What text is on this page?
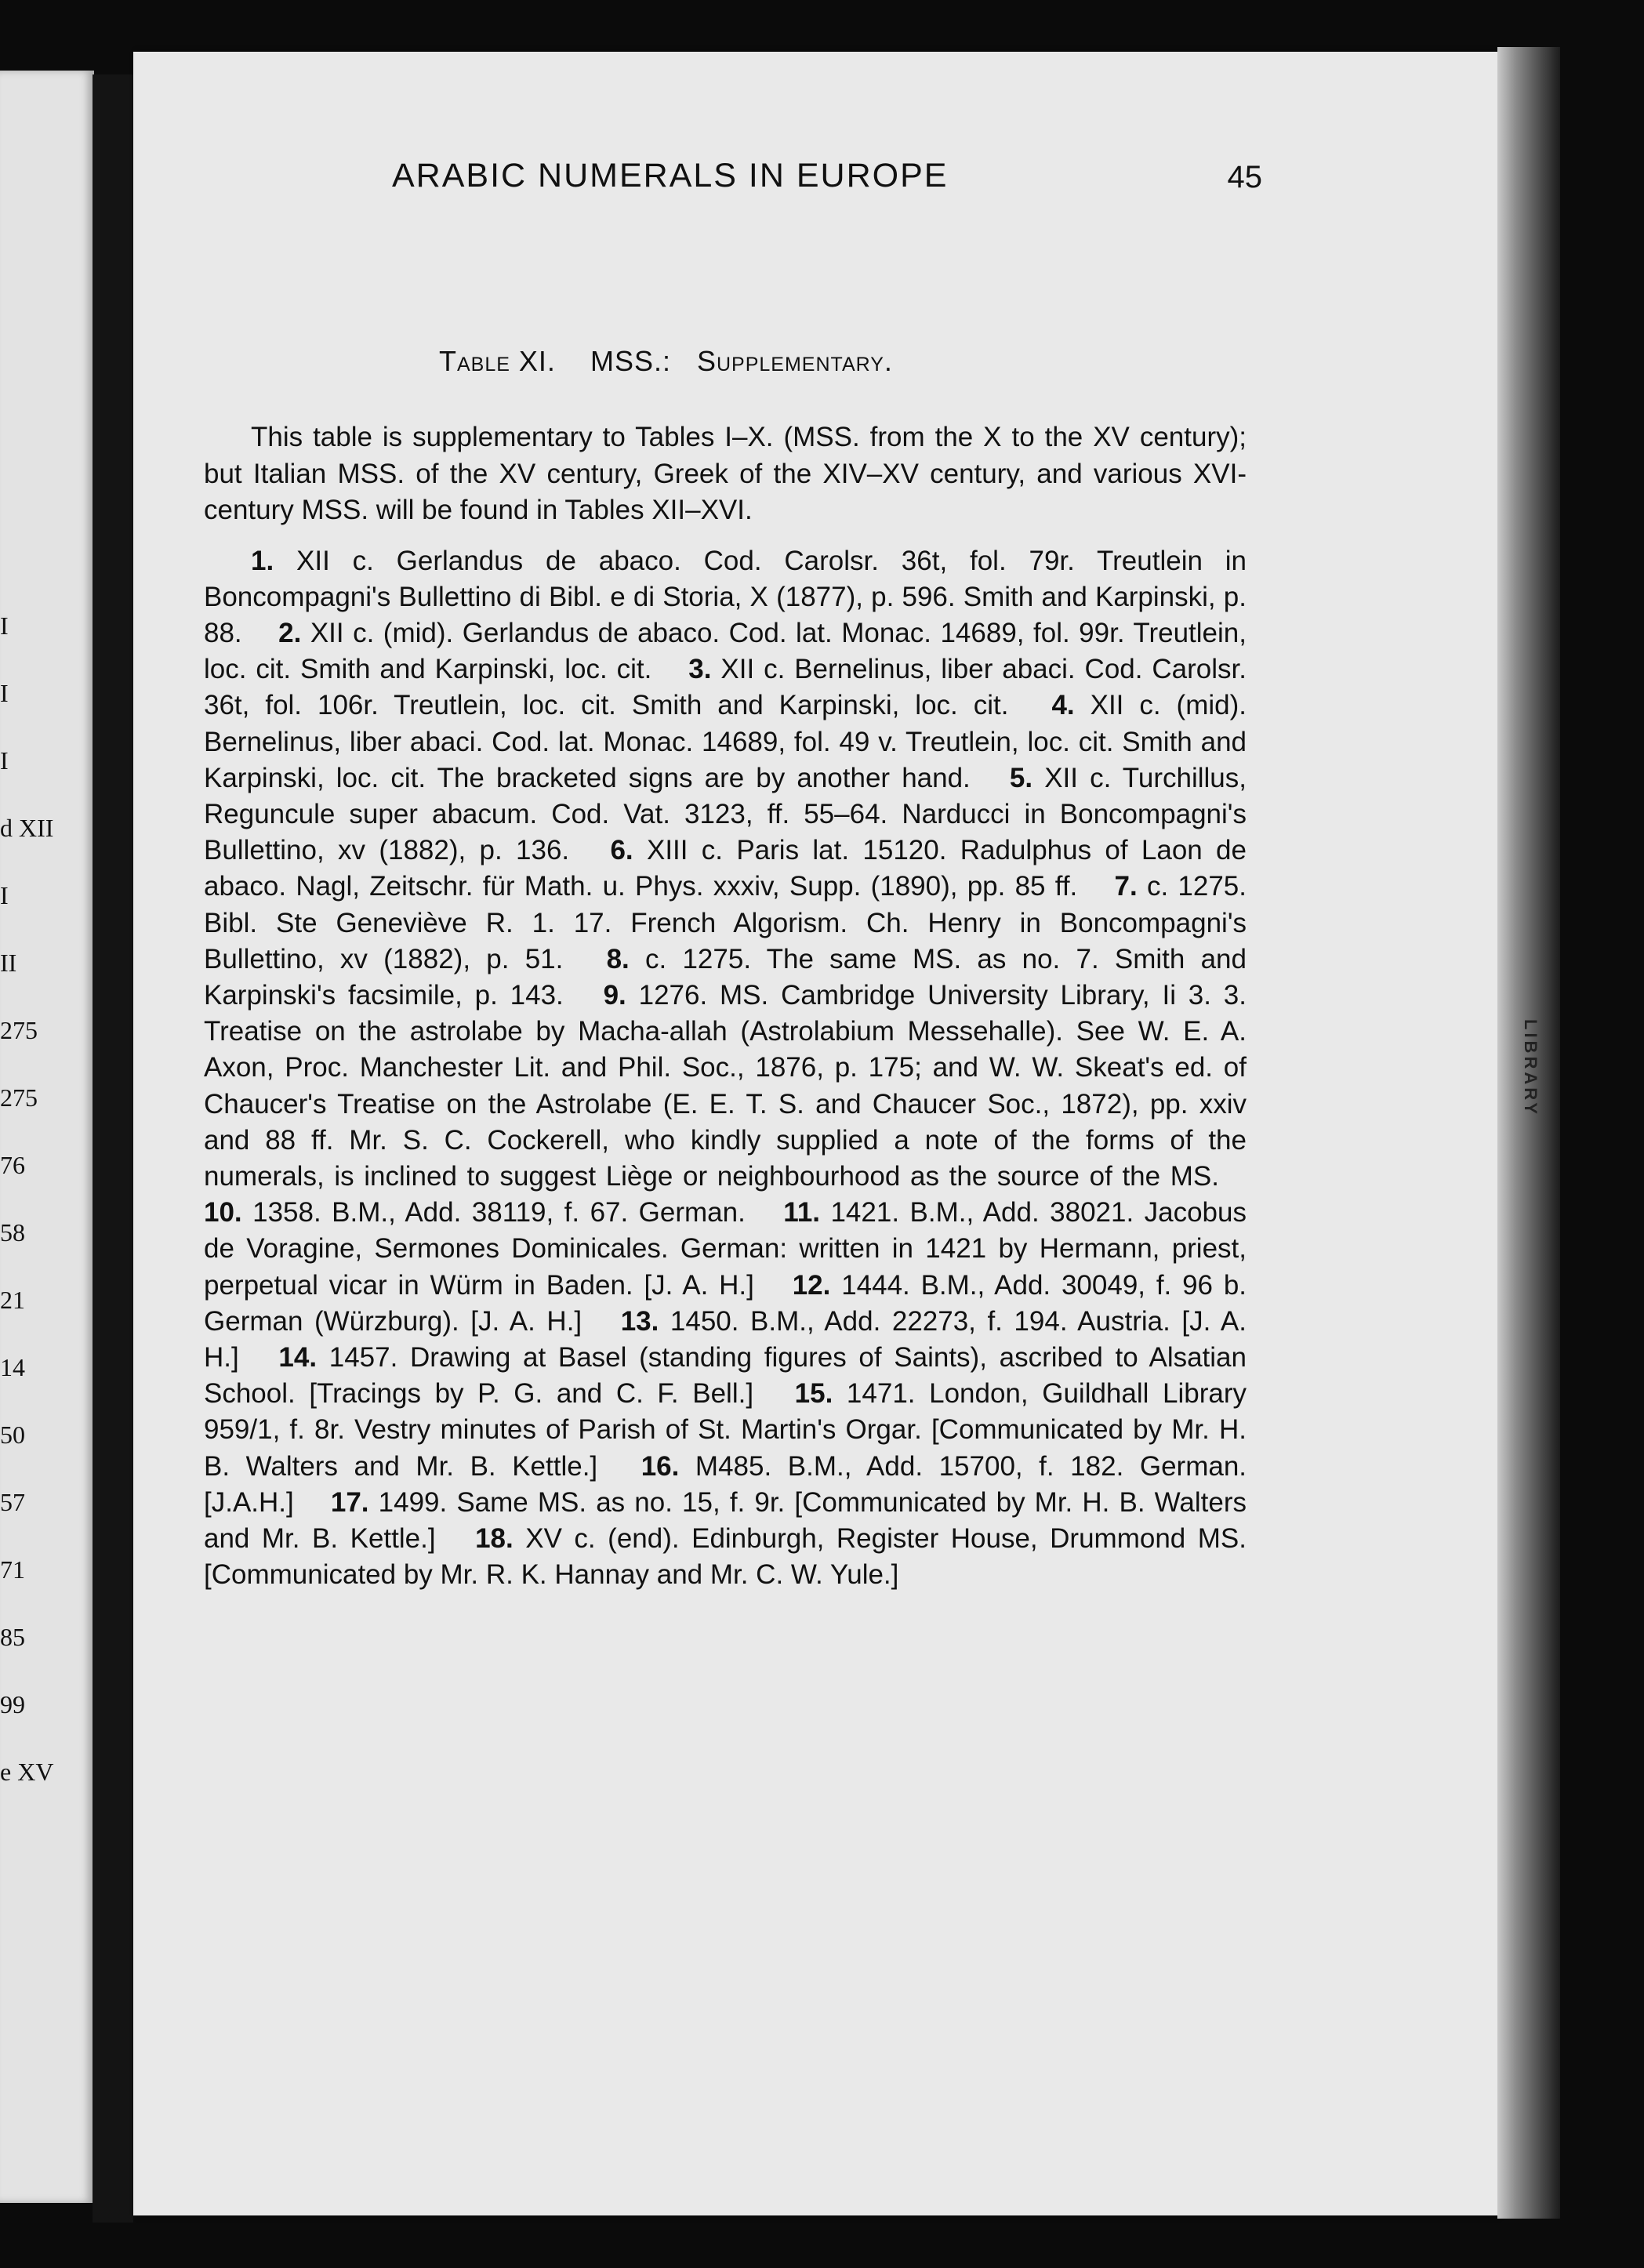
I
I
I
d XII
I
II
275
275
76
58
21
14
50
57
71
85
99
e XV
LIBRARY
ARABIC NUMERALS IN EUROPE	45
Table XI. MSS.: Supplementary.

This table is supplementary to Tables I–X. (MSS. from the X to the XV century); but Italian MSS. of the XV century, Greek of the XIV–XV century, and various XVI-century MSS. will be found in Tables XII–XVI.

1. XII c. Gerlandus de abaco. Cod. Carolsr. 36t, fol. 79r. Treutlein in Boncompagni's Bullettino di Bibl. e di Storia, X (1877), p. 596. Smith and Karpinski, p. 88.  2. XII c. (mid). Gerlandus de abaco. Cod. lat. Monac. 14689, fol. 99r. Treutlein, loc. cit. Smith and Karpinski, loc. cit.  3. XII c. Bernelinus, liber abaci. Cod. Carolsr. 36t, fol. 106r. Treutlein, loc. cit. Smith and Karpinski, loc. cit.  4. XII c. (mid). Bernelinus, liber abaci. Cod. lat. Monac. 14689, fol. 49 v. Treutlein, loc. cit. Smith and Karpinski, loc. cit. The bracketed signs are by another hand.  5. XII c. Turchillus, Reguncule super abacum. Cod. Vat. 3123, ff. 55–64. Narducci in Boncompagni's Bullettino, xv (1882), p. 136.  6. XIII c. Paris lat. 15120. Radulphus of Laon de abaco. Nagl, Zeitschr. für Math. u. Phys. xxxiv, Supp. (1890), pp. 85 ff.  7. c. 1275. Bibl. Ste Geneviève R. 1. 17. French Algorism. Ch. Henry in Boncompagni's Bullettino, xv (1882), p. 51.  8. c. 1275. The same MS. as no. 7. Smith and Karpinski's facsimile, p. 143.  9. 1276. MS. Cambridge University Library, Ii 3. 3. Treatise on the astrolabe by Macha-allah (Astrolabium Messehalle). See W. E. A. Axon, Proc. Manchester Lit. and Phil. Soc., 1876, p. 175; and W. W. Skeat's ed. of Chaucer's Treatise on the Astrolabe (E. E. T. S. and Chaucer Soc., 1872), pp. xxiv and 88 ff. Mr. S. C. Cockerell, who kindly supplied a note of the forms of the numerals, is inclined to suggest Liège or neighbourhood as the source of the MS.  10. 1358. B.M., Add. 38119, f. 67. German.  11. 1421. B.M., Add. 38021. Jacobus de Voragine, Sermones Dominicales. German: written in 1421 by Hermann, priest, perpetual vicar in Würm in Baden. [J. A. H.]  12. 1444. B.M., Add. 30049, f. 96 b. German (Würzburg). [J. A. H.]  13. 1450. B.M., Add. 22273, f. 194. Austria. [J. A. H.]  14. 1457. Drawing at Basel (standing figures of Saints), ascribed to Alsatian School. [Tracings by P. G. and C. F. Bell.]  15. 1471. London, Guildhall Library 959/1, f. 8r. Vestry minutes of Parish of St. Martin's Orgar. [Communicated by Mr. H. B. Walters and Mr. B. Kettle.]  16. M485. B.M., Add. 15700, f. 182. German. [J.A.H.]  17. 1499. Same MS. as no. 15, f. 9r. [Communicated by Mr. H. B. Walters and Mr. B. Kettle.]  18. XV c. (end). Edinburgh, Register House, Drummond MS. [Communicated by Mr. R. K. Hannay and Mr. C. W. Yule.] 
